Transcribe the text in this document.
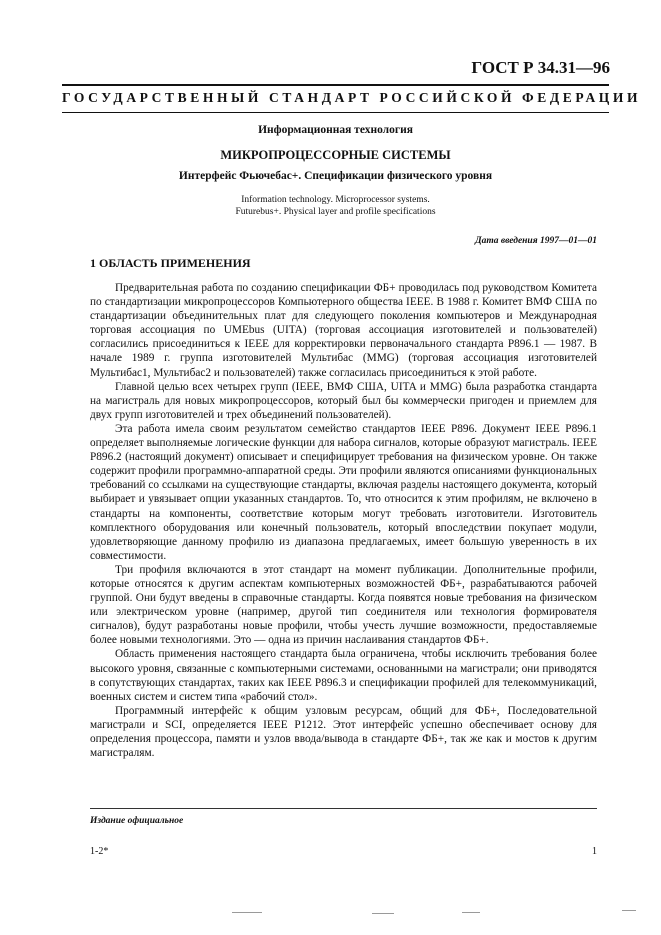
ГОСТ Р 34.31—96
ГОСУДАРСТВЕННЫЙ СТАНДАРТ РОССИЙСКОЙ ФЕДЕРАЦИИ
Информационная технология
МИКРОПРОЦЕССОРНЫЕ СИСТЕМЫ
Интерфейс Фьючебас+. Спецификации физического уровня
Information technology. Microprocessor systems.
Futurebus+. Physical layer and profile specifications
Дата введения 1997—01—01
1 ОБЛАСТЬ ПРИМЕНЕНИЯ

Предварительная работа по созданию спецификации ФБ+ проводилась под руководством Комитета по стандартизации микропроцессоров Компьютерного общества IEEE. В 1988 г. Комитет ВМФ США по стандартизации объединительных плат для следующего поколения компьютеров и Международная торговая ассоциация по UMEbus (UITA) (торговая ассоциация изготовителей и пользователей) согласились присоединиться к IEEE для корректировки первоначального стандарта Р896.1 — 1987. В начале 1989 г. группа изготовителей Мультибас (MMG) (торговая ассоциация изготовителей Мультибас1, Мультибас2 и пользователей) также согласилась присоединиться к этой работе.

Главной целью всех четырех групп (IEEE, ВМФ США, UITA и MMG) была разработка стандарта на магистраль для новых микропроцессоров, который был бы коммерчески пригоден и приемлем для двух групп изготовителей и трех объединений пользователей).

Эта работа имела своим результатом семейство стандартов IEEE Р896. Документ IEEE Р896.1 определяет выполняемые логические функции для набора сигналов, которые образуют магистраль. IEEE Р896.2 (настоящий документ) описывает и специфицирует требования на физическом уровне. Он также содержит профили программно-аппаратной среды. Эти профили являются описаниями функциональных требований со ссылками на существующие стандарты, включая разделы настоящего документа, который выбирает и увязывает опции указанных стандартов. То, что относится к этим профилям, не включено в стандарты на компоненты, соответствие которым могут требовать изготовители. Изготовитель комплектного оборудования или конечный пользователь, который впоследствии покупает модули, удовлетворяющие данному профилю из диапазона предлагаемых, имеет большую уверенность в их совместимости.

Три профиля включаются в этот стандарт на момент публикации. Дополнительные профили, которые относятся к другим аспектам компьютерных возможностей ФБ+, разрабатываются рабочей группой. Они будут введены в справочные стандарты. Когда появятся новые требования на физическом или электрическом уровне (например, другой тип соединителя или технология формирователя сигналов), будут разработаны новые профили, чтобы учесть лучшие возможности, предоставляемые более новыми технологиями. Это — одна из причин наслаивания стандартов ФБ+.

Область применения настоящего стандарта была ограничена, чтобы исключить требования более высокого уровня, связанные с компьютерными системами, основанными на магистрали; они приводятся в сопутствующих стандартах, таких как IEEE Р896.3 и спецификации профилей для телекоммуникаций, военных систем и систем типа «рабочий стол».

Программный интерфейс к общим узловым ресурсам, общий для ФБ+, Последовательной магистрали и SCI, определяется IEEE Р1212. Этот интерфейс успешно обеспечивает основу для определения процессора, памяти и узлов ввода/вывода в стандарте ФБ+, так же как и мостов к другим магистралям.

Издание официальное
1-2*	1
